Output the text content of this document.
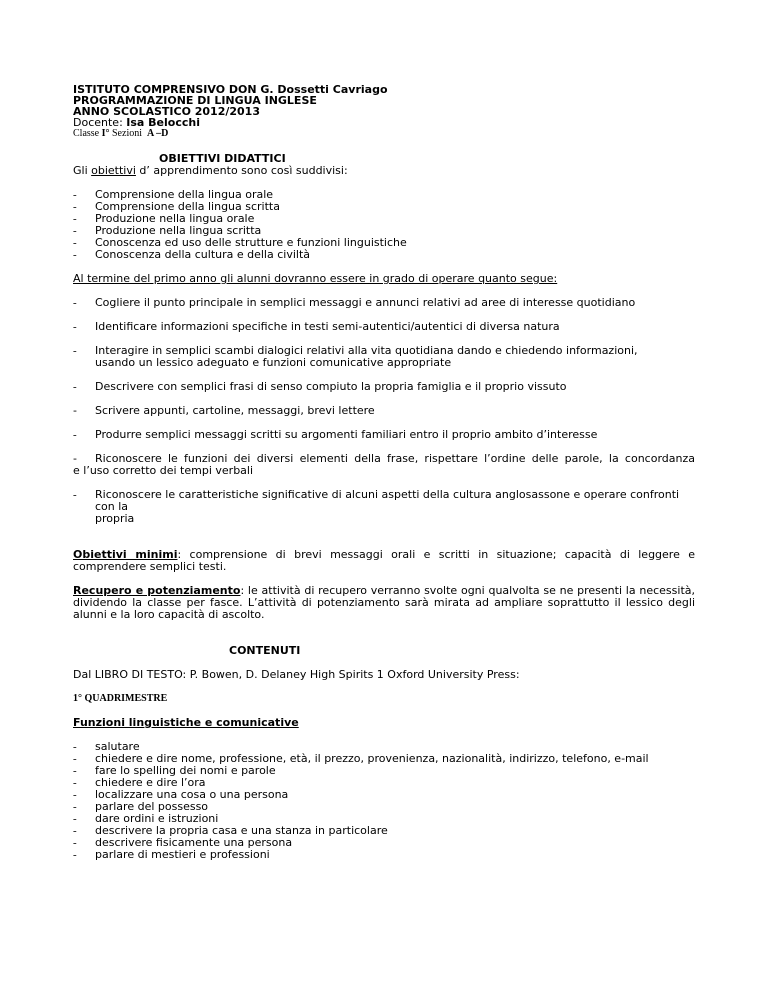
ISTITUTO COMPRENSIVO DON G. Dossetti Cavriago
PROGRAMMAZIONE DI LINGUA INGLESE
ANNO SCOLASTICO 2012/2013
Docente: Isa Belocchi
Classe I° Sezioni  A –D
OBIETTIVI DIDATTICI
Gli obiettivi d’ apprendimento sono così suddivisi:
- Comprensione della lingua orale
- Comprensione della lingua scritta
- Produzione nella lingua orale
- Produzione nella lingua scritta
- Conoscenza ed uso delle strutture e funzioni linguistiche
- Conoscenza della cultura e della civiltà
Al termine del primo anno gli alunni dovranno essere in grado di operare quanto segue:
- Cogliere il punto principale in semplici messaggi e annunci relativi ad aree di interesse quotidiano
- Identificare informazioni specifiche in testi semi-autentici/autentici di diversa natura
- Interagire in semplici scambi dialogici relativi alla vita quotidiana dando e chiedendo informazioni,
usando un lessico adeguato e funzioni comunicative appropriate
- Descrivere con semplici frasi di senso compiuto la propria famiglia e il proprio vissuto
- Scrivere appunti, cartoline, messaggi, brevi lettere
- Produrre semplici messaggi scritti su argomenti familiari entro il proprio ambito d’interesse
- Riconoscere le funzioni dei diversi elementi della frase, rispettare l’ordine delle parole, la concordanza
e l’uso corretto dei tempi verbali
- Riconoscere le caratteristiche significative di alcuni aspetti della cultura anglosassone e operare confronti con la
propria
Obiettivi minimi: comprensione di brevi messaggi orali e scritti in situazione; capacità di leggere e comprendere semplici testi.
Recupero e potenziamento: le attività di recupero verranno svolte ogni qualvolta se ne presenti la necessità, dividendo la classe per fasce. L’attività di potenziamento sarà mirata ad ampliare soprattutto il lessico degli alunni e la loro capacità di ascolto.
CONTENUTI
Dal LIBRO DI TESTO: P. Bowen, D. Delaney High Spirits 1 Oxford University Press:
1° QUADRIMESTRE
Funzioni linguistiche e comunicative
- salutare
- chiedere e dire nome, professione, età, il prezzo, provenienza, nazionalità, indirizzo, telefono, e-mail
- fare lo spelling dei nomi e parole
- chiedere e dire l’ora
- localizzare una cosa o una persona
- parlare del possesso
- dare ordini e istruzioni
- descrivere la propria casa e una stanza in particolare
- descrivere fisicamente una persona
- parlare di mestieri e professioni
